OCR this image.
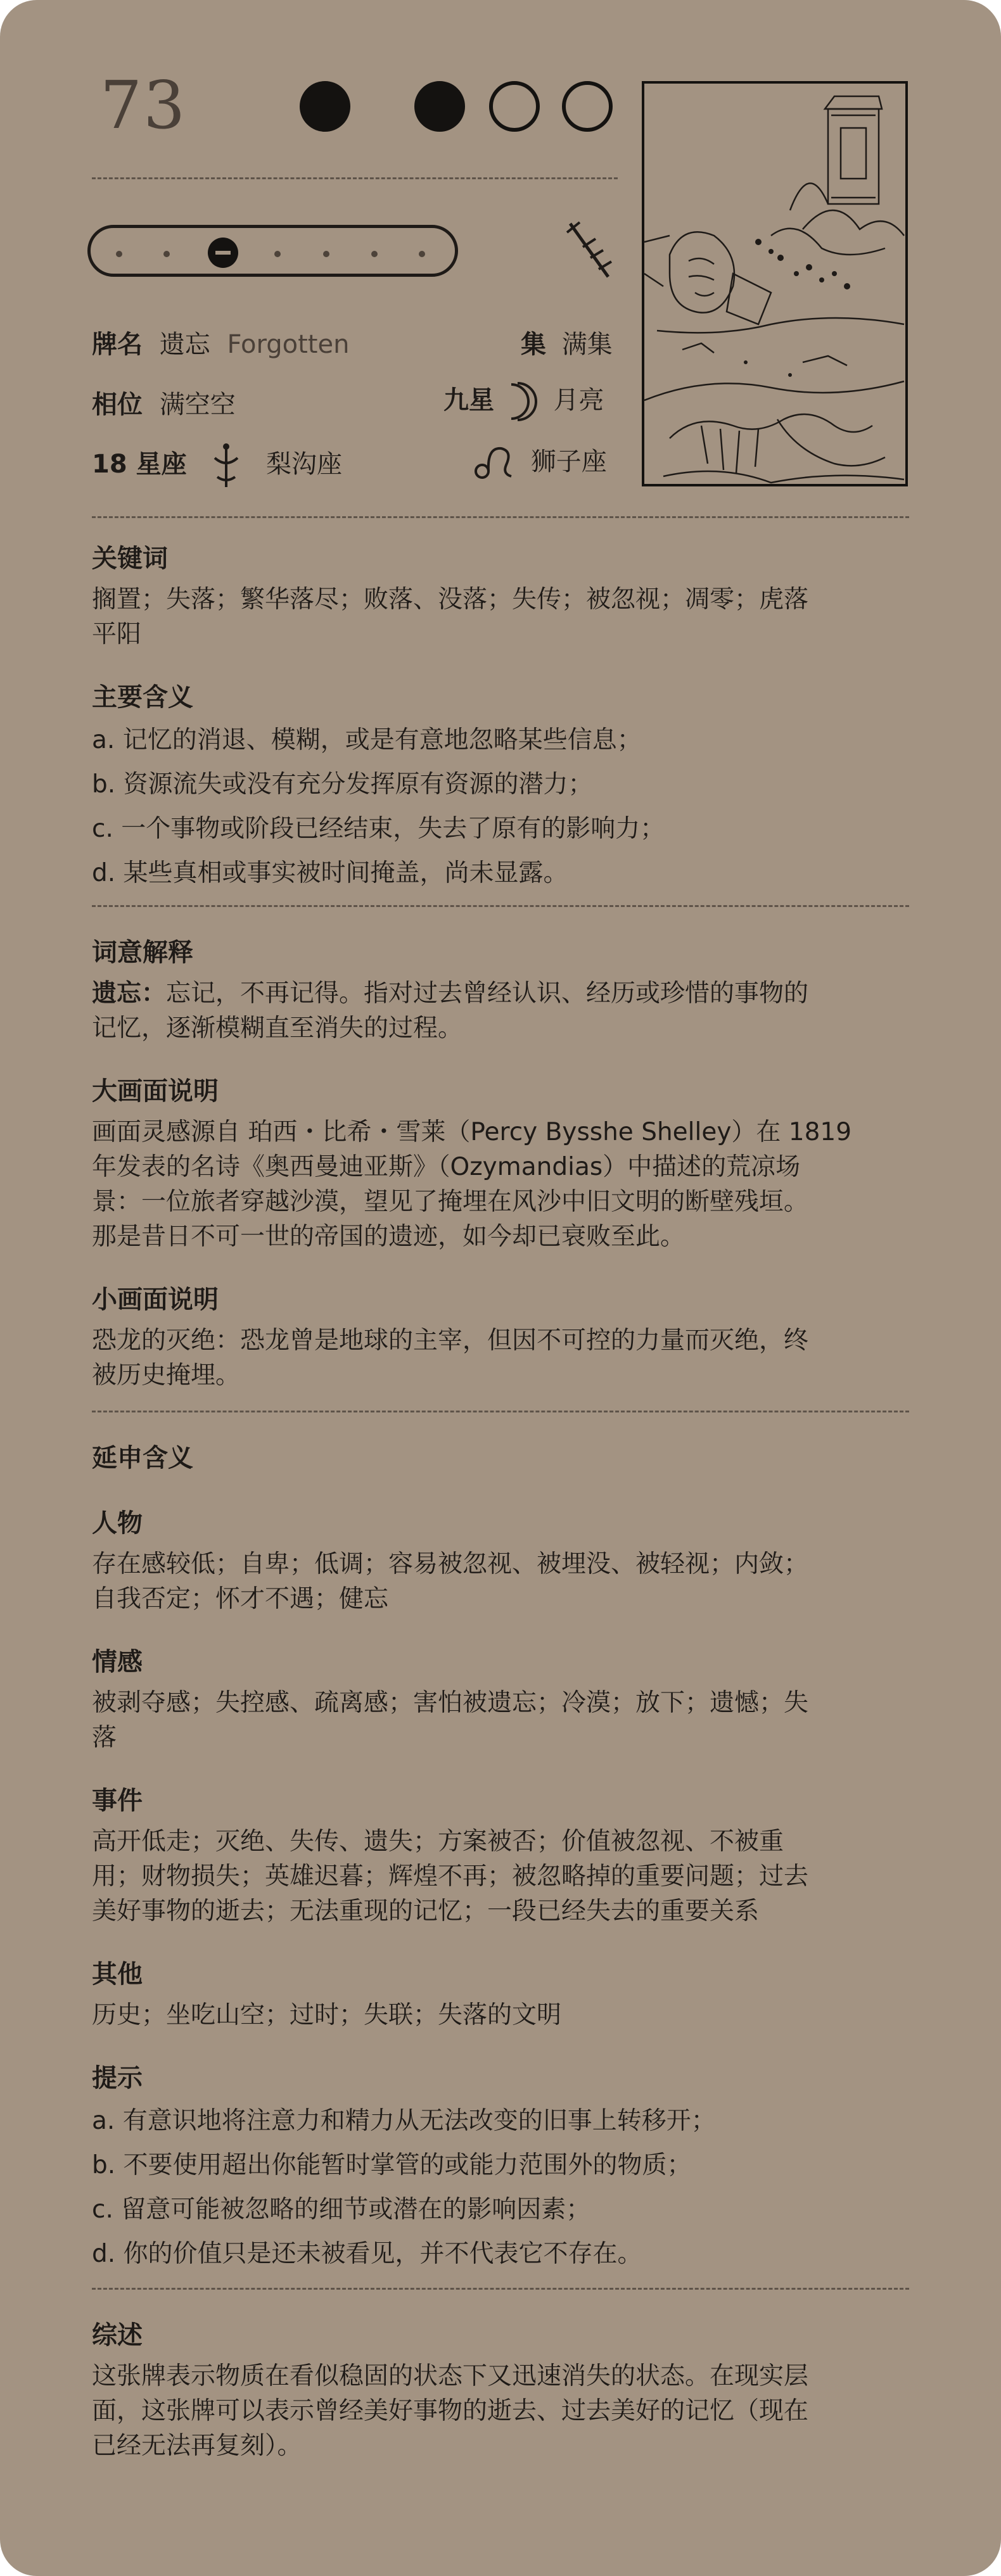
73
牌名 遗忘 Forgotten	集 满集
相位 满空空	九星 月亮
18 星座	梨沟座	狮子座

关键词

搁置；失落；繁华落尽；败落、没落；失传；被忽视；凋零；虎落

平阳

主要含义

a. 记忆的消退、模糊，或是有意地忽略某些信息；
b. 资源流失或没有充分发挥原有资源的潜力；
c. 一个事物或阶段已经结束，失去了原有的影响力；
d. 某些真相或事实被时间掩盖，尚未显露。

词意解释

遗忘：忘记，不再记得。指对过去曾经认识、经历或珍惜的事物的

记忆，逐渐模糊直至消失的过程。

大画面说明

画面灵感源自 珀西・比希・雪莱（Percy Bysshe Shelley）在 1819

年发表的名诗《奥西曼迪亚斯》（Ozymandias）中描述的荒凉场

景：一位旅者穿越沙漠，望见了掩埋在风沙中旧文明的断壁残垣。

那是昔日不可一世的帝国的遗迹，如今却已衰败至此。

小画面说明

恐龙的灭绝：恐龙曾是地球的主宰，但因不可控的力量而灭绝，终

被历史掩埋。

延申含义

人物

存在感较低；自卑；低调；容易被忽视、被埋没、被轻视；内敛；

自我否定；怀才不遇；健忘

情感

被剥夺感；失控感、疏离感；害怕被遗忘；冷漠；放下；遗憾；失

落

事件

高开低走；灭绝、失传、遗失；方案被否；价值被忽视、不被重

用；财物损失；英雄迟暮；辉煌不再；被忽略掉的重要问题；过去

美好事物的逝去；无法重现的记忆；一段已经失去的重要关系

其他

历史；坐吃山空；过时；失联；失落的文明

提示

a. 有意识地将注意力和精力从无法改变的旧事上转移开；
b. 不要使用超出你能暂时掌管的或能力范围外的物质；
c. 留意可能被忽略的细节或潜在的影响因素；
d. 你的价值只是还未被看见，并不代表它不存在。

综述

这张牌表示物质在看似稳固的状态下又迅速消失的状态。在现实层

面，这张牌可以表示曾经美好事物的逝去、过去美好的记忆（现在

已经无法再复刻）。
